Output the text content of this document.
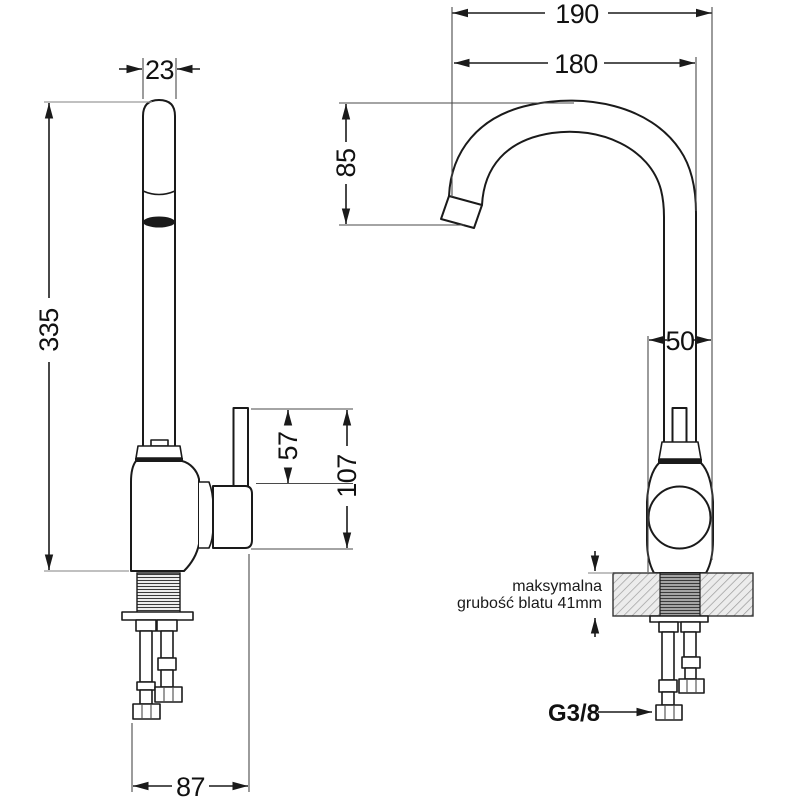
190
180
23
335
85
57
107
50
87
maksymalna
grubość blatu 41mm
G3/8
